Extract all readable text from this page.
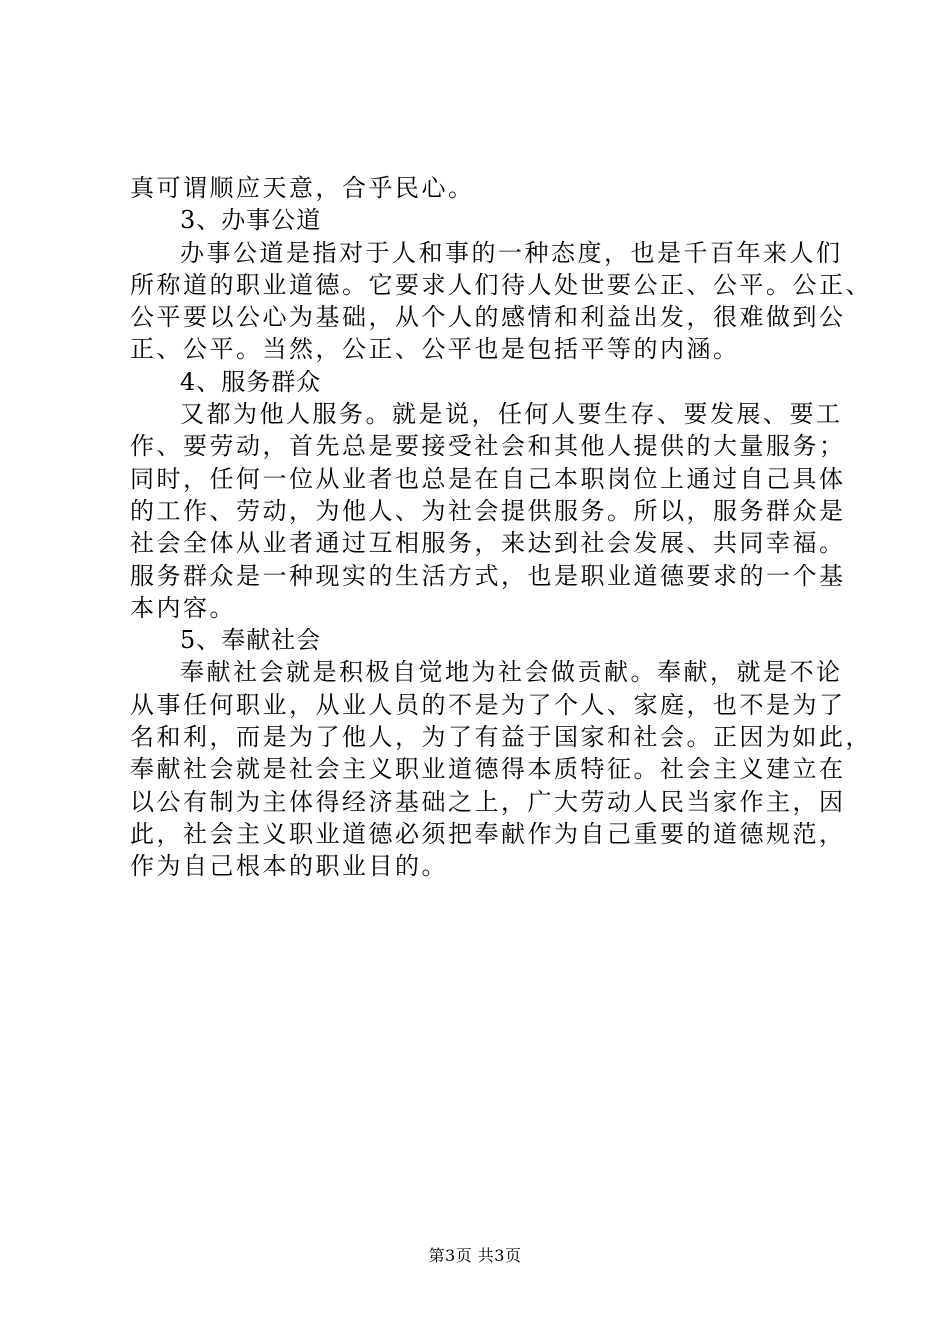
真可谓顺应天意，合乎民心。
3、办事公道
办事公道是指对于人和事的一种态度，也是千百年来人们
所称道的职业道德。它要求人们待人处世要公正、公平。公正、
公平要以公心为基础，从个人的感情和利益出发，很难做到公
正、公平。当然，公正、公平也是包括平等的内涵。
4、服务群众
又都为他人服务。就是说，任何人要生存、要发展、要工
作、要劳动，首先总是要接受社会和其他人提供的大量服务；
同时，任何一位从业者也总是在自己本职岗位上通过自己具体
的工作、劳动，为他人、为社会提供服务。所以，服务群众是
社会全体从业者通过互相服务，来达到社会发展、共同幸福。
服务群众是一种现实的生活方式，也是职业道德要求的一个基
本内容。
5、奉献社会
奉献社会就是积极自觉地为社会做贡献。奉献，就是不论
从事任何职业，从业人员的不是为了个人、家庭，也不是为了
名和利，而是为了他人，为了有益于国家和社会。正因为如此，
奉献社会就是社会主义职业道德得本质特征。社会主义建立在
以公有制为主体得经济基础之上，广大劳动人民当家作主，因
此，社会主义职业道德必须把奉献作为自己重要的道德规范，
作为自己根本的职业目的。
第3页 共3页
